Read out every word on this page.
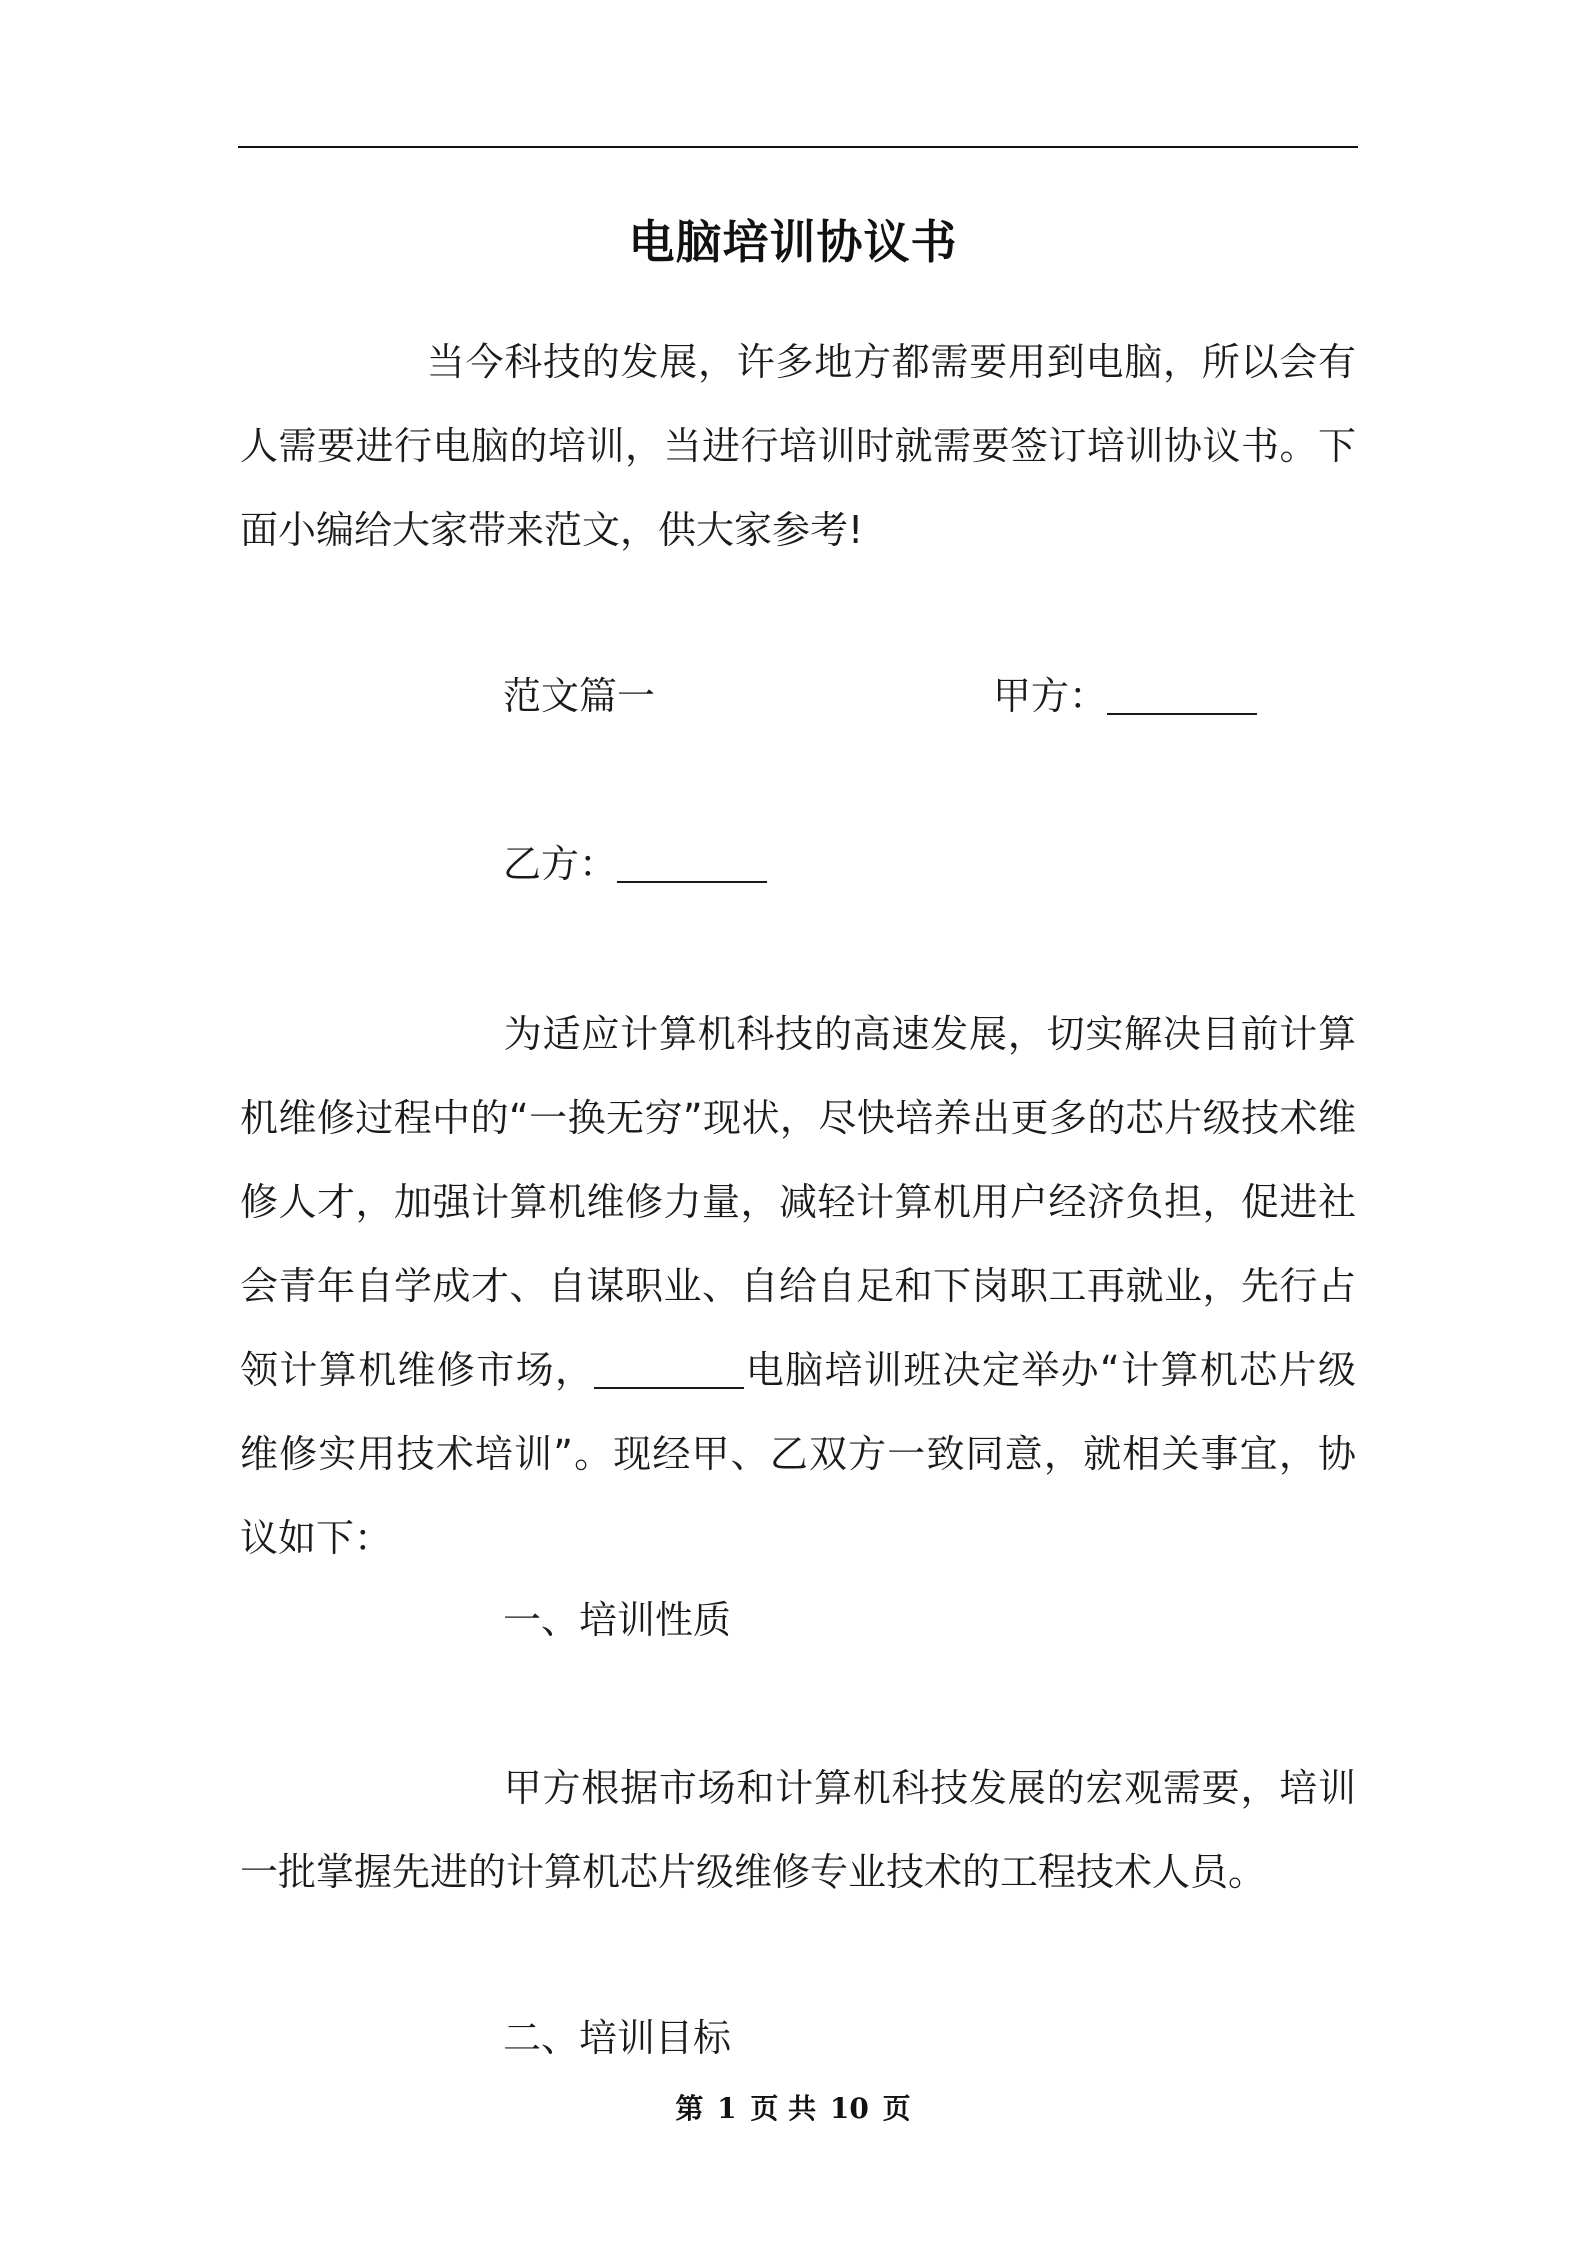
电脑培训协议书
当今科技的发展，许多地方都需要用到电脑，所以会有人需要进行电脑的培训，当进行培训时就需要签订培训协议书。下面小编给大家带来范文，供大家参考!
范文篇一	甲方：
乙方：
为适应计算机科技的高速发展，切实解决目前计算机维修过程中的“一换无穷”现状，尽快培养出更多的芯片级技术维修人才，加强计算机维修力量，减轻计算机用户经济负担，促进社会青年自学成才、自谋职业、自给自足和下岗职工再就业，先行占领计算机维修市场，	电脑培训班决定举办“计算机芯片级维修实用技术培训”。现经甲、乙双方一致同意，就相关事宜，协议如下：
一、培训性质
甲方根据市场和计算机科技发展的宏观需要，培训一批掌握先进的计算机芯片级维修专业技术的工程技术人员。
二、培训目标
第 1 页 共 10 页
